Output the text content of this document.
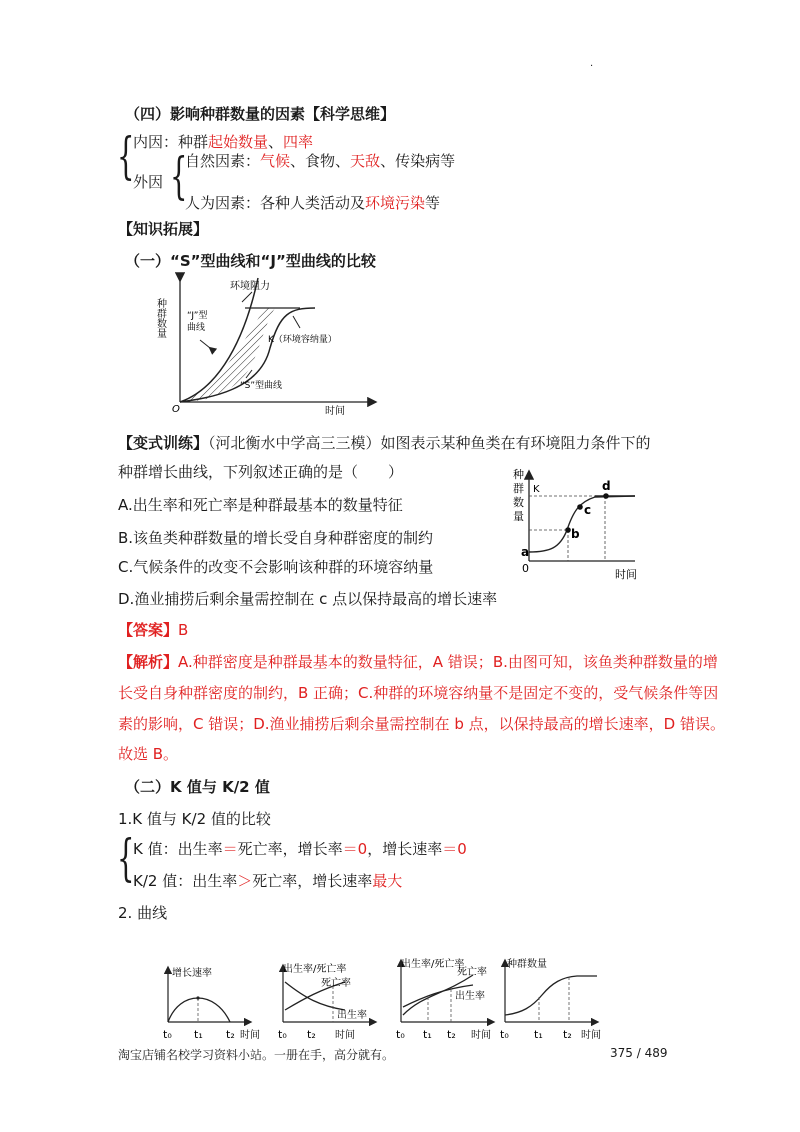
.
（四）影响种群数量的因素【科学思维】
{
内因：种群起始数量、四率
外因 {
自然因素：气候、食物、天敌、传染病等
人为因素：各种人类活动及环境污染等
【知识拓展】
（一）“S”型曲线和“J”型曲线的比较
种群数量
时间
O
环境阻力
“J”型
曲线
K（环境容纳量）
“S”型曲线
【变式训练】（河北衡水中学高三三模）如图表示某种鱼类在有环境阻力条件下的
种群增长曲线，下列叙述正确的是（　　）
A.出生率和死亡率是种群最基本的数量特征
B.该鱼类种群数量的增长受自身种群密度的制约
C.气候条件的改变不会影响该种群的环境容纳量
D.渔业捕捞后剩余量需控制在 c 点以保持最高的增长速率
种
群
数
量
K
a
b
c
d
0	时间
【答案】B
【解析】A.种群密度是种群最基本的数量特征，A 错误；B.由图可知，该鱼类种群数量的增
长受自身种群密度的制约，B 正确；C.种群的环境容纳量不是固定不变的，受气候条件等因
素的影响，C 错误；D.渔业捕捞后剩余量需控制在 b 点，以保持最高的增长速率，D 错误。
故选 B。
（二）K 值与 K/2 值
1.K 值与 K/2 值的比较
{
K 值：出生率＝死亡率，增长率＝0，增长速率＝0
K/2 值：出生率＞死亡率，增长速率最大
2. 曲线
增长速率
t₀ t₁ t₂ 时间
出生率/死亡率
死亡率
出生率
t₀ t₂ 时间
出生率/死亡率
死亡率
出生率
t₀ t₁ t₂ 时间
种群数量
t₀ t₁ t₂ 时间
淘宝店铺名校学习资料小站。一册在手，高分就有。	375 / 489
